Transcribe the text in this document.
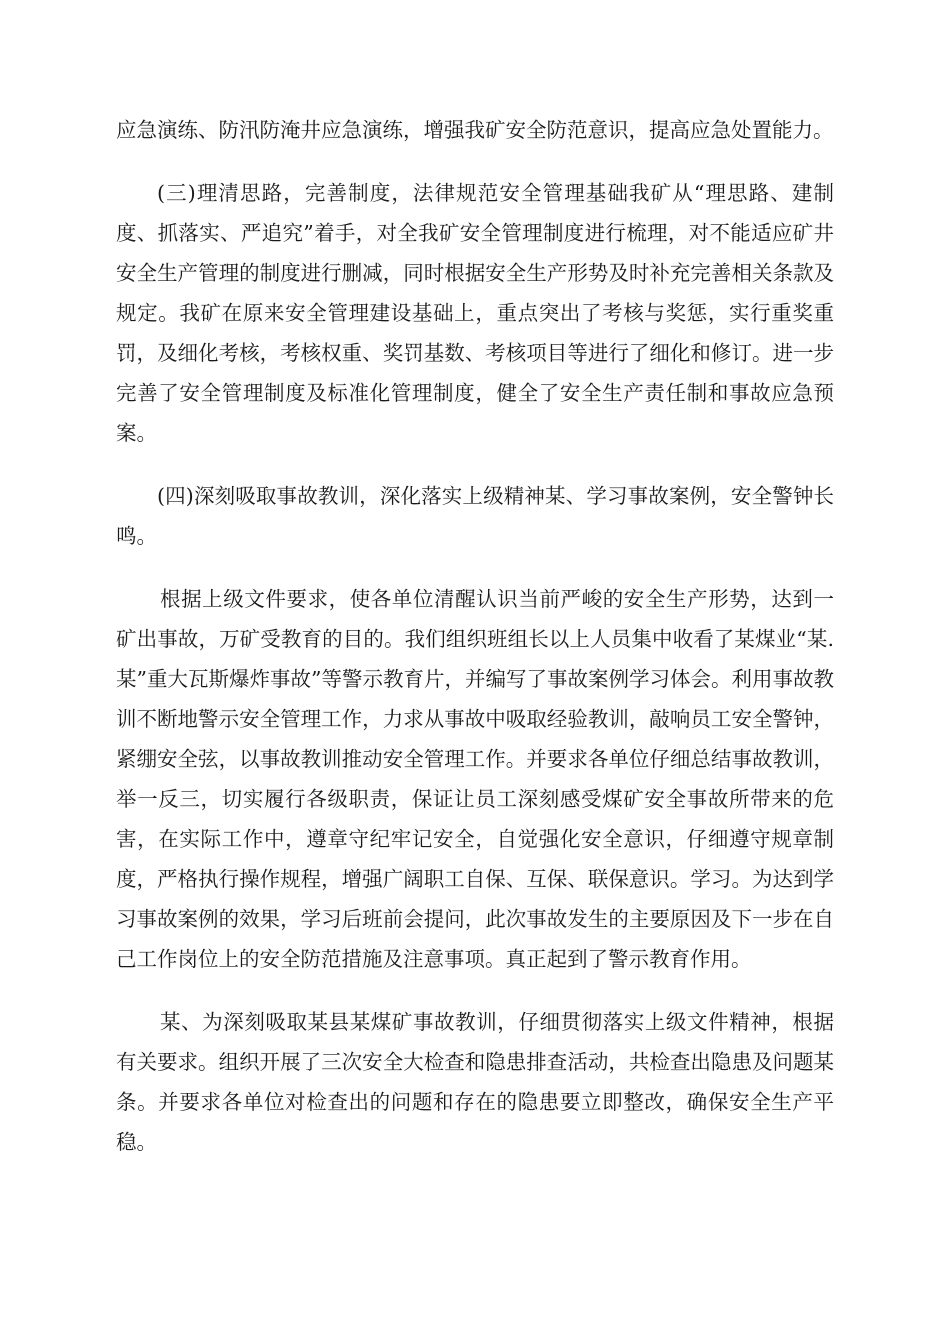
应急演练、防汛防淹井应急演练，增强我矿安全防范意识，提高应急处置能力。

(三)理清思路，完善制度，法律规范安全管理基础我矿从“理思路、建制度、抓落实、严追究”着手，对全我矿安全管理制度进行梳理，对不能适应矿井安全生产管理的制度进行删减，同时根据安全生产形势及时补充完善相关条款及规定。我矿在原来安全管理建设基础上，重点突出了考核与奖惩，实行重奖重罚，及细化考核，考核权重、奖罚基数、考核项目等进行了细化和修订。进一步完善了安全管理制度及标准化管理制度，健全了安全生产责任制和事故应急预案。

(四)深刻吸取事故教训，深化落实上级精神某、学习事故案例，安全警钟长鸣。

根据上级文件要求，使各单位清醒认识当前严峻的安全生产形势，达到一矿出事故，万矿受教育的目的。我们组织班组长以上人员集中收看了某煤业“某.某”重大瓦斯爆炸事故”等警示教育片，并编写了事故案例学习体会。利用事故教训不断地警示安全管理工作，力求从事故中吸取经验教训，敲响员工安全警钟，紧绷安全弦，以事故教训推动安全管理工作。并要求各单位仔细总结事故教训，举一反三，切实履行各级职责，保证让员工深刻感受煤矿安全事故所带来的危害，在实际工作中，遵章守纪牢记安全，自觉强化安全意识，仔细遵守规章制度，严格执行操作规程，增强广阔职工自保、互保、联保意识。学习。为达到学习事故案例的效果，学习后班前会提问，此次事故发生的主要原因及下一步在自己工作岗位上的安全防范措施及注意事项。真正起到了警示教育作用。

某、为深刻吸取某县某煤矿事故教训，仔细贯彻落实上级文件精神，根据有关要求。组织开展了三次安全大检查和隐患排查活动，共检查出隐患及问题某条。并要求各单位对检查出的问题和存在的隐患要立即整改，确保安全生产平稳。
